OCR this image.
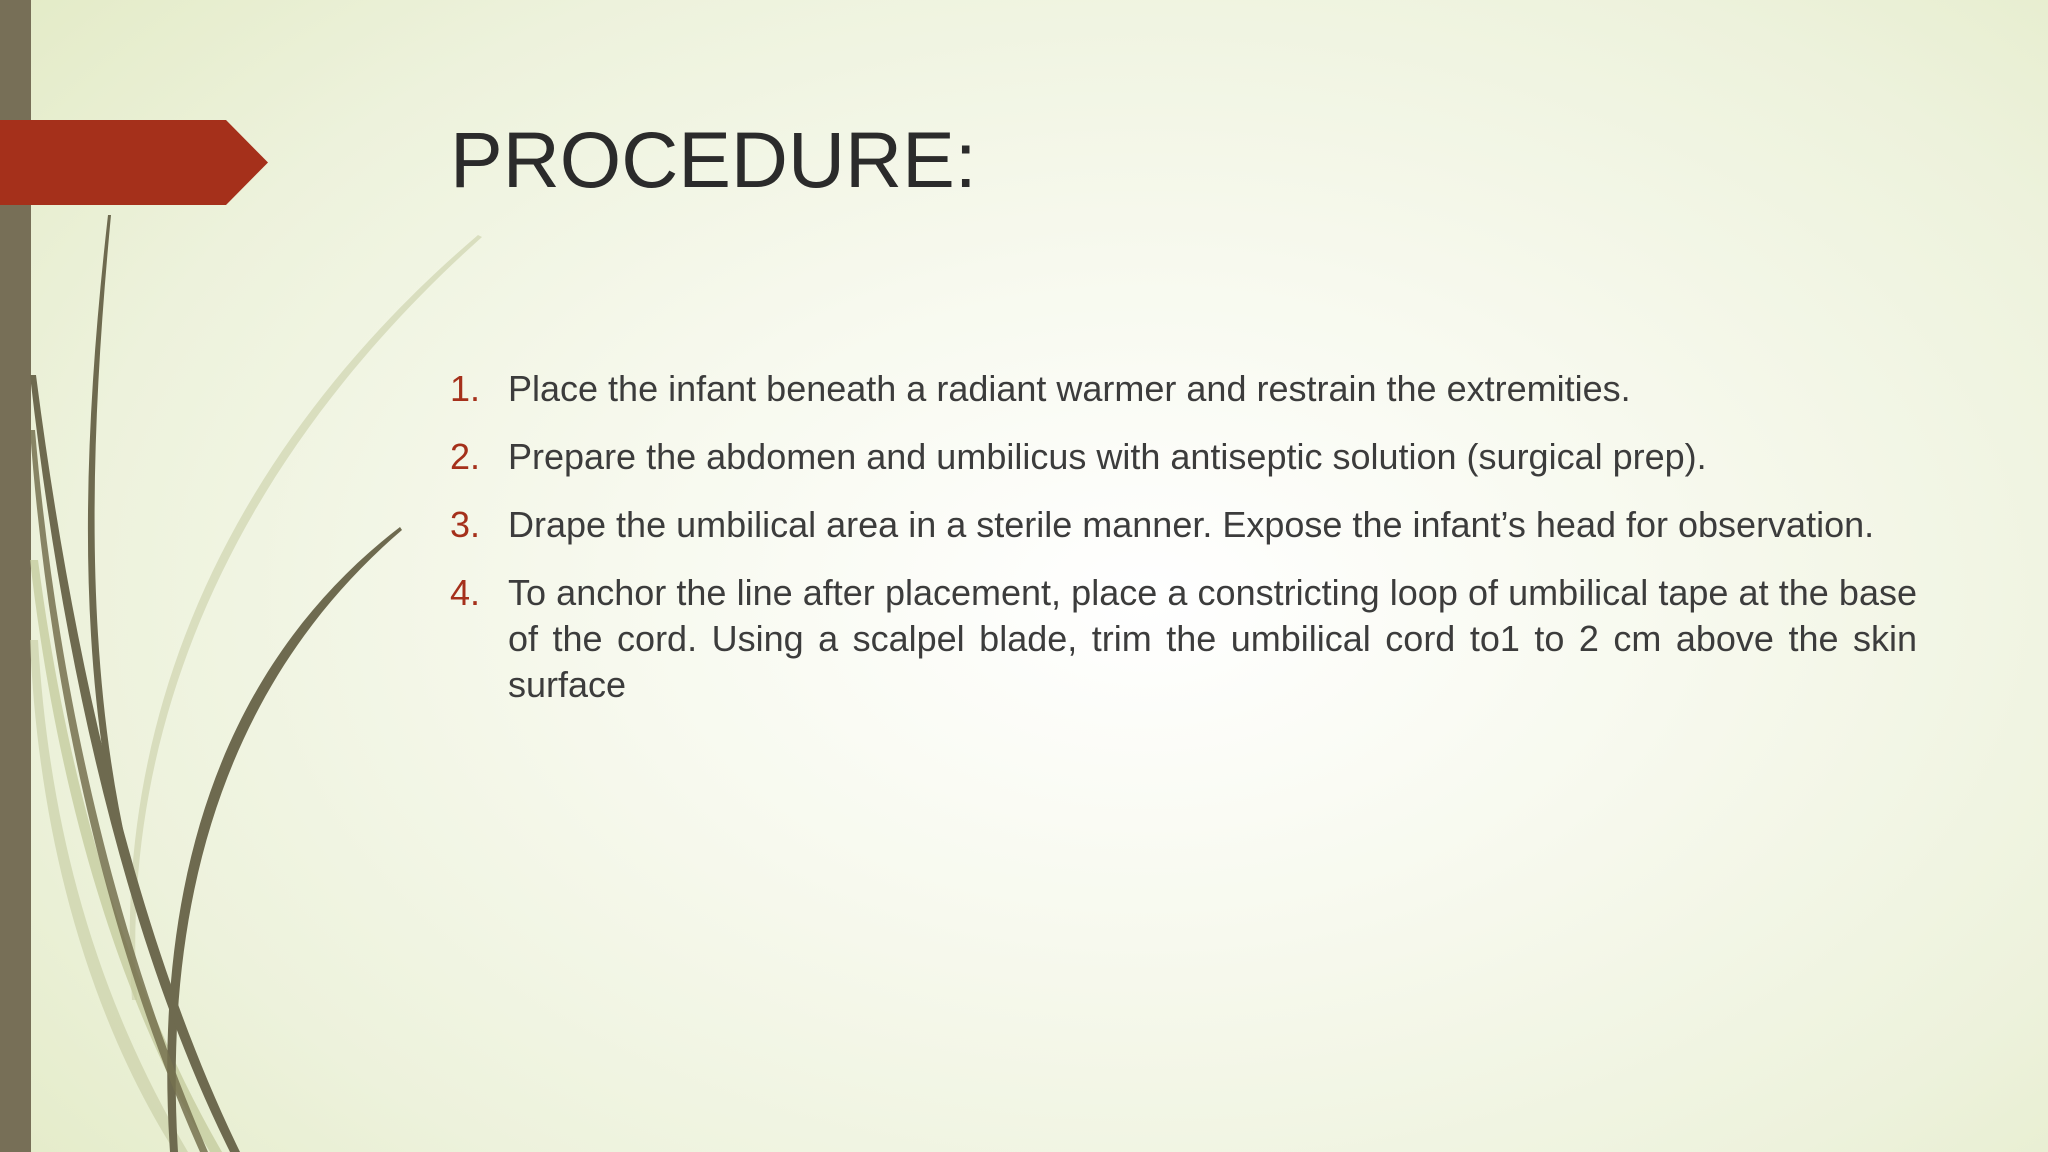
PROCEDURE:
1. Place the infant beneath a radiant warmer and restrain the extremities.
2. Prepare the abdomen and umbilicus with antiseptic solution (surgical prep).
3. Drape the umbilical area in a sterile manner. Expose the infant’s head for observation.
4. To anchor the line after placement, place a constricting loop of umbilical tape at the base of the cord. Using a scalpel blade, trim the umbilical cord to1 to 2 cm above the skin surface
